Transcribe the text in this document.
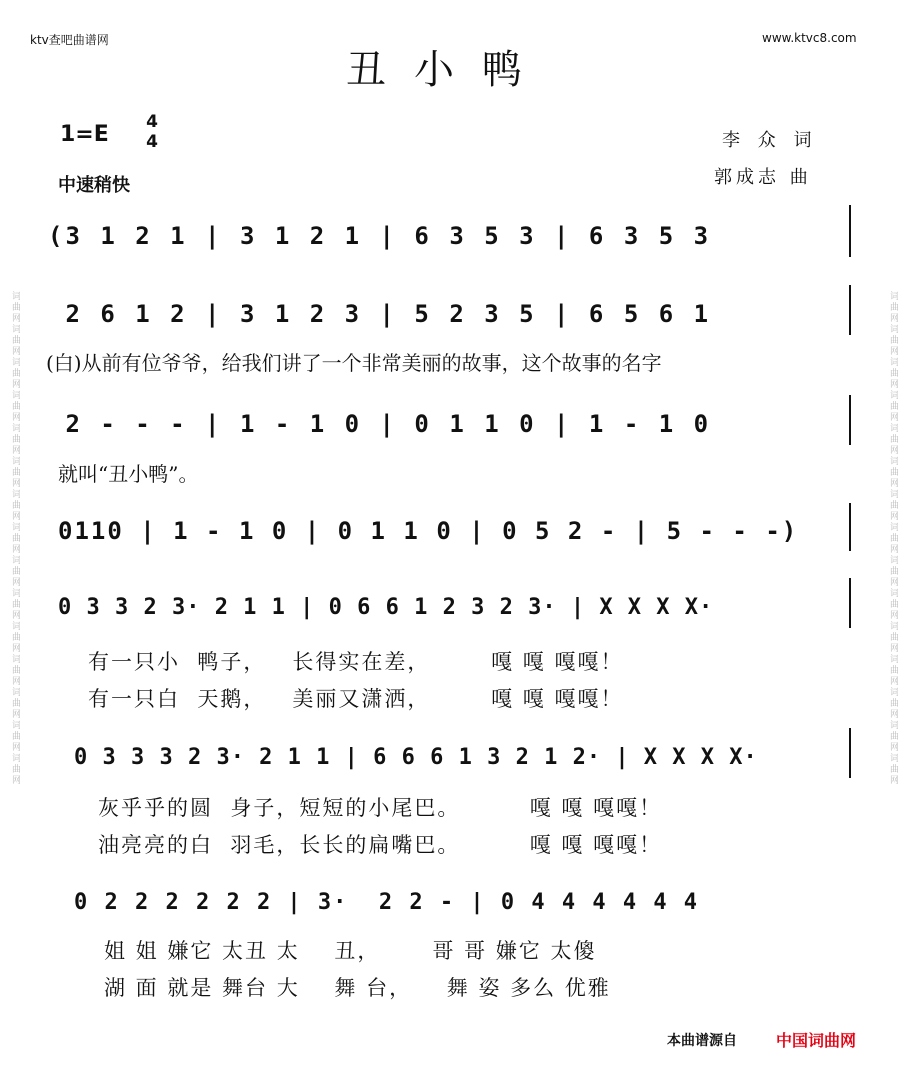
词曲网词曲网词曲网词曲网词曲网词曲网词曲网词曲网词曲网词曲网词曲网词曲网词曲网词曲网词曲网	词曲网词曲网词曲网词曲网词曲网词曲网词曲网词曲网词曲网词曲网词曲网词曲网词曲网词曲网词曲网
ktv查吧曲谱网	www.ktvc8.com
丑小鸭
1=E 4
4
中速稍快
李 众 词
郭成志 曲
(3 1 2 1 | 3 1 2 1 | 6 3 5 3 | 6 3 5 3
2 6 1 2 | 3 1 2 3 | 5 2 3 5 | 6 5 6 1
(白)从前有位爷爷，给我们讲了一个非常美丽的故事，这个故事的名字
2 - - - | 1 - 1 0 | 0 1 1 0 | 1 - 1 0
就叫“丑小鸭”。
0110 | 1 - 1 0 | 0 1 1 0 | 0 5 2 - | 5 - - -)
0 3 3 2 3· 2 1 1 | 0 6 6 1 2 3 2 3· | X X X X·
有一只小  鸭子，   长得实在差，       嘎 嘎 嘎嘎！
有一只白  天鹅，   美丽又潇洒，       嘎 嘎 嘎嘎！
0 3 3 3 2 3· 2 1 1 | 6 6 6 1 3 2 1 2· | X X X X·
灰乎乎的圆  身子，短短的小尾巴。        嘎 嘎 嘎嘎！
油亮亮的白  羽毛，长长的扁嘴巴。        嘎 嘎 嘎嘎！
0 2 2 2 2 2 2 | 3·  2 2 - | 0 4 4 4 4 4 4
姐 姐 嫌它 太丑 太    丑，      哥 哥 嫌它 太傻
湖 面 就是 舞台 大    舞 台，    舞 姿 多么 优雅
本曲谱源自 中国词曲网
